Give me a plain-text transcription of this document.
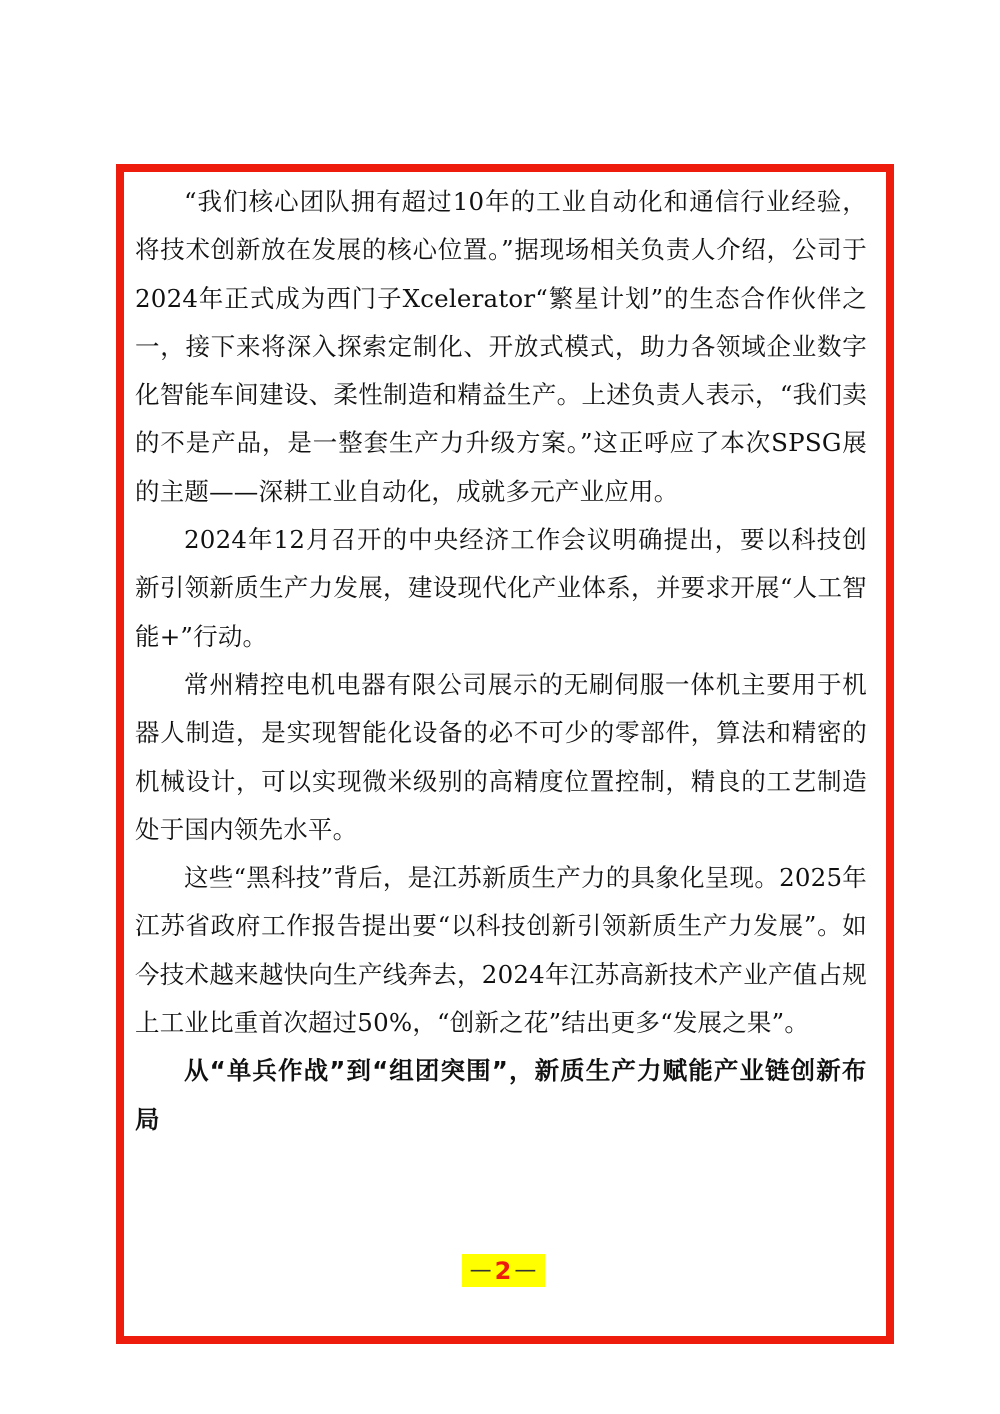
“我们核心团队拥有超过10年的工业自动化和通信行业经验，将技术创新放在发展的核心位置。”据现场相关负责人介绍，公司于2024年正式成为西门子Xcelerator“繁星计划”的生态合作伙伴之一，接下来将深入探索定制化、开放式模式，助力各领域企业数字化智能车间建设、柔性制造和精益生产。上述负责人表示，“我们卖的不是产品，是一整套生产力升级方案。”这正呼应了本次SPSG展的主题——深耕工业自动化，成就多元产业应用。

2024年12月召开的中央经济工作会议明确提出，要以科技创新引领新质生产力发展，建设现代化产业体系，并要求开展“人工智能+”行动。

常州精控电机电器有限公司展示的无刷伺服一体机主要用于机器人制造，是实现智能化设备的必不可少的零部件，算法和精密的机械设计，可以实现微米级别的高精度位置控制，精良的工艺制造处于国内领先水平。

这些“黑科技”背后，是江苏新质生产力的具象化呈现。2025年江苏省政府工作报告提出要“以科技创新引领新质生产力发展”。如今技术越来越快向生产线奔去，2024年江苏高新技术产业产值占规上工业比重首次超过50%，“创新之花”结出更多“发展之果”。

从“单兵作战”到“组团突围”，新质生产力赋能产业链创新布局

— 2 —
